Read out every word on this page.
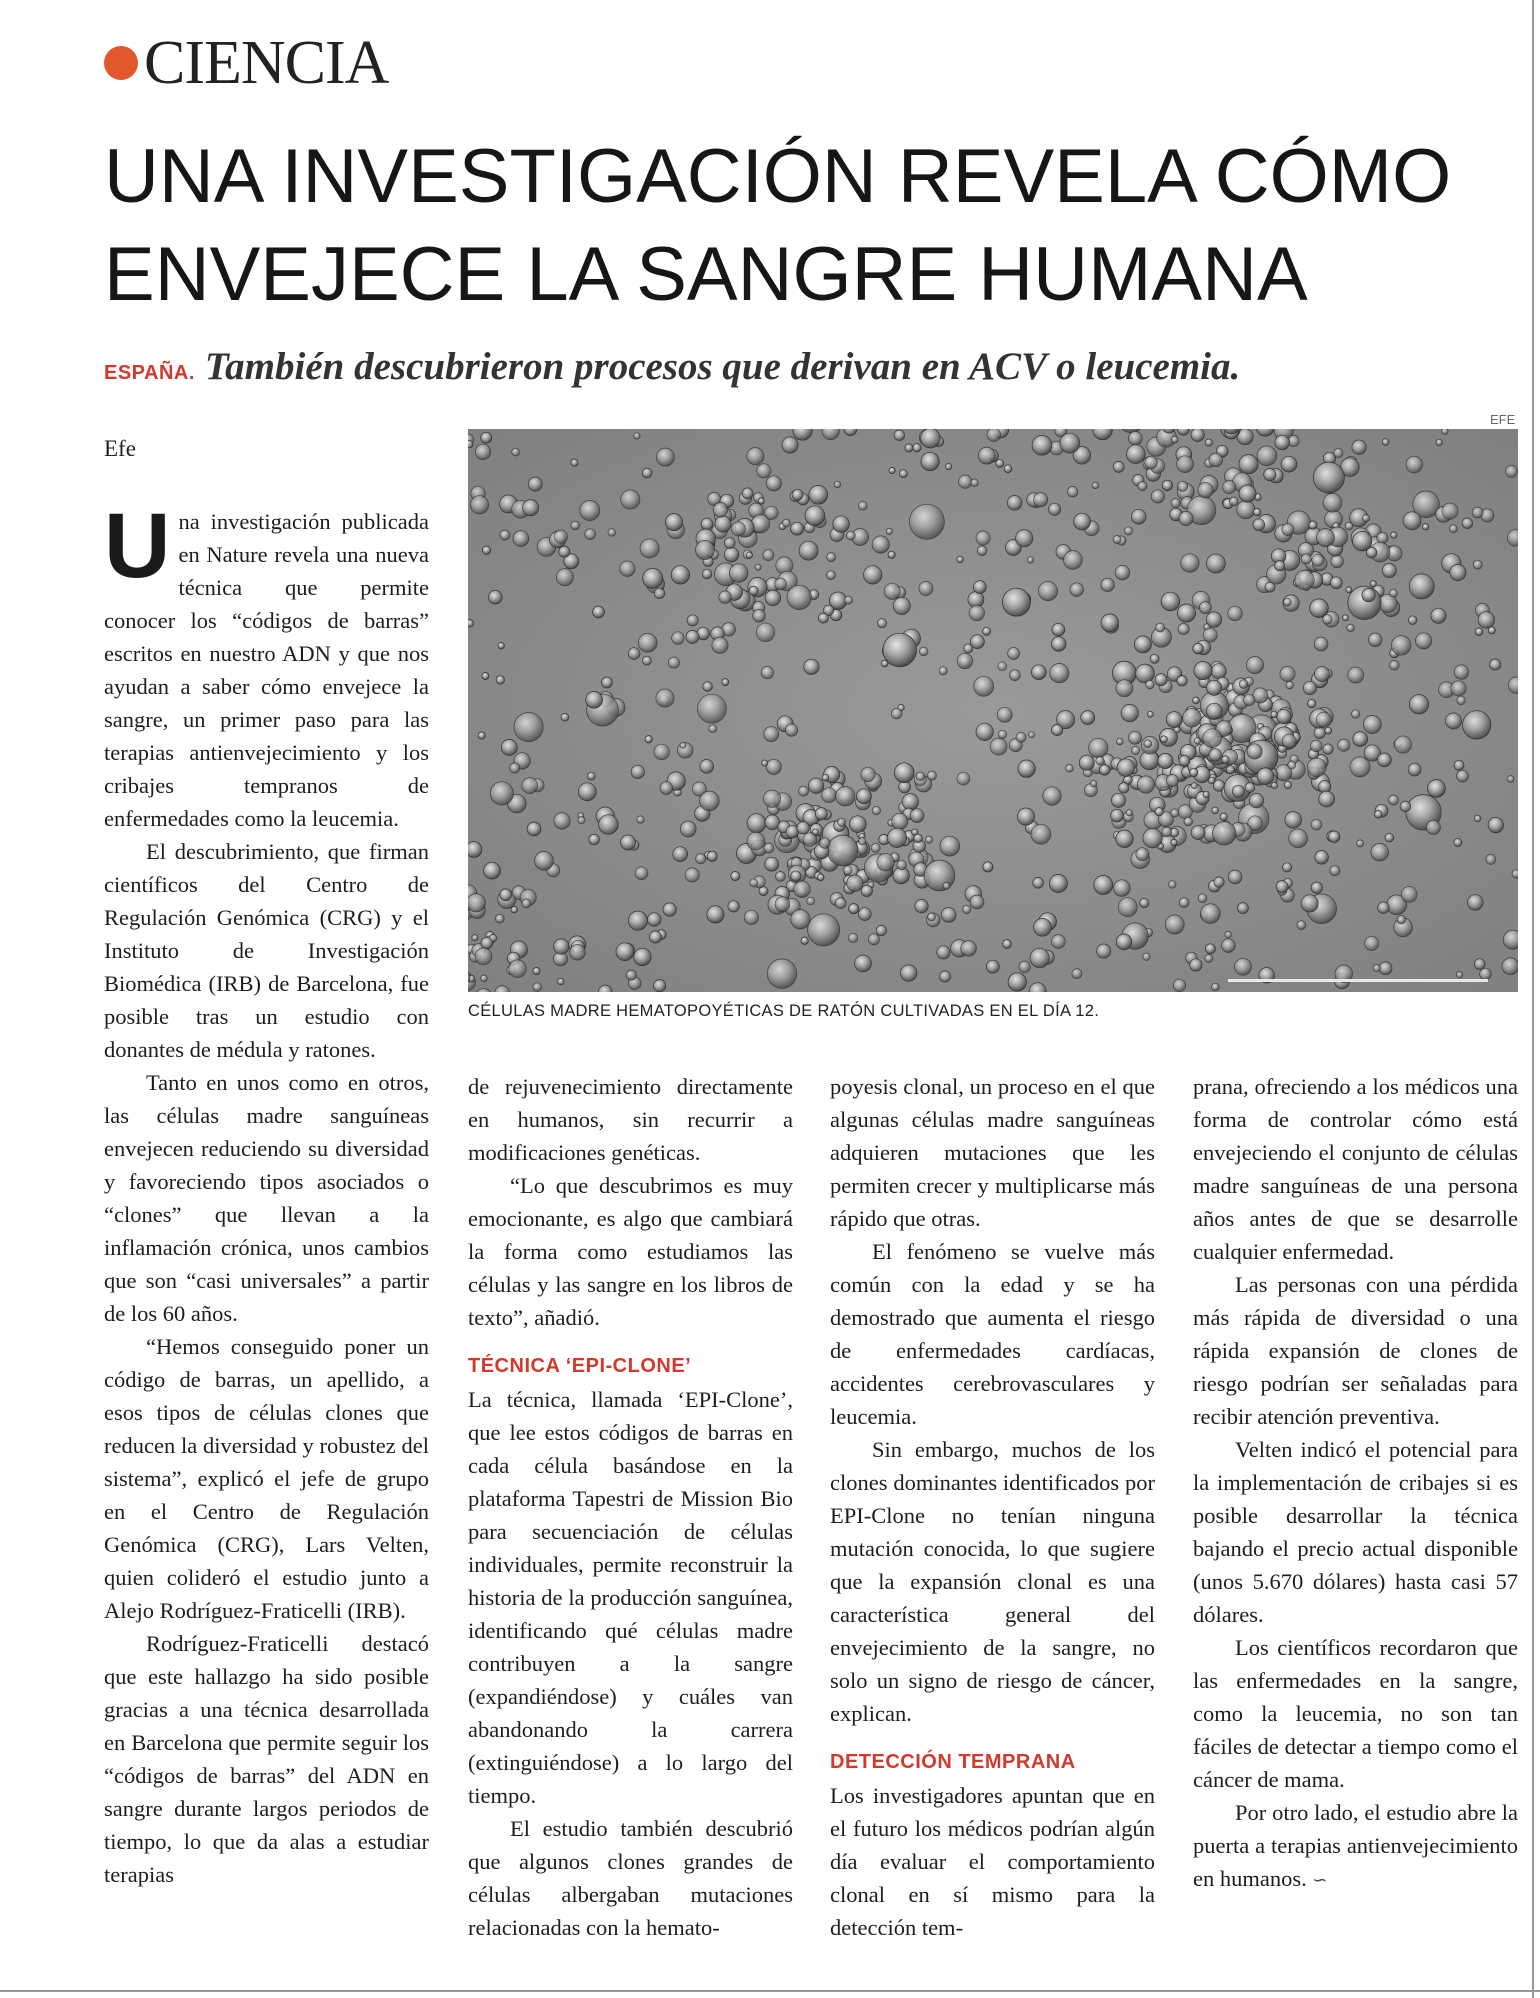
CIENCIA
UNA INVESTIGACIÓN REVELA CÓMO
ENVEJECE LA SANGRE HUMANA
ESPAÑA. También descubrieron procesos que derivan en ACV o leucemia.
EFE
CÉLULAS MADRE HEMATOPOYÉTICAS DE RATÓN CULTIVADAS EN EL DÍA 12.
Efe

Una investigación publicada en Nature revela una nueva técnica que permite conocer los “códigos de barras” escritos en nuestro ADN y que nos ayudan a saber cómo envejece la sangre, un primer paso para las terapias antienvejecimiento y los cribajes tempranos de enfermedades como la leucemia.

El descubrimiento, que firman científicos del Centro de Regulación Genómica (CRG) y el Instituto de Investigación Biomédica (IRB) de Barcelona, fue posible tras un estudio con donantes de médula y ratones.

Tanto en unos como en otros, las células madre sanguíneas envejecen reduciendo su diversidad y favoreciendo tipos asociados o “clones” que llevan a la inflamación crónica, unos cambios que son “casi universales” a partir de los 60 años.

“Hemos conseguido poner un código de barras, un apellido, a esos tipos de células clones que reducen la diversidad y robustez del sistema”, explicó el jefe de grupo en el Centro de Regulación Genómica (CRG), Lars Velten, quien colideró el estudio junto a Alejo Rodríguez-Fraticelli (IRB).

Rodríguez-Fraticelli destacó que este hallazgo ha sido posible gracias a una técnica desarrollada en Barcelona que permite seguir los “códigos de barras” del ADN en sangre durante largos periodos de tiempo, lo que da alas a estudiar terapias

de rejuvenecimiento directamente en humanos, sin recurrir a modificaciones genéticas.

“Lo que descubrimos es muy emocionante, es algo que cambiará la forma como estudiamos las células y las sangre en los libros de texto”, añadió.

TÉCNICA ‘EPI-CLONE’

La técnica, llamada ‘EPI-Clone’, que lee estos códigos de barras en cada célula basándose en la plataforma Tapestri de Mission Bio para secuenciación de células individuales, permite reconstruir la historia de la producción sanguínea, identificando qué células madre contribuyen a la sangre (expandiéndose) y cuáles van abandonando la carrera (extinguiéndose) a lo largo del tiempo.

El estudio también descubrió que algunos clones grandes de células albergaban mutaciones relacionadas con la hemato-

poyesis clonal, un proceso en el que algunas células madre sanguíneas adquieren mutaciones que les permiten crecer y multiplicarse más rápido que otras.

El fenómeno se vuelve más común con la edad y se ha demostrado que aumenta el riesgo de enfermedades cardíacas, accidentes cerebrovasculares y leucemia.

Sin embargo, muchos de los clones dominantes identificados por EPI-Clone no tenían ninguna mutación conocida, lo que sugiere que la expansión clonal es una característica general del envejecimiento de la sangre, no solo un signo de riesgo de cáncer, explican.

DETECCIÓN TEMPRANA

Los investigadores apuntan que en el futuro los médicos podrían algún día evaluar el comportamiento clonal en sí mismo para la detección tem-

prana, ofreciendo a los médicos una forma de controlar cómo está envejeciendo el conjunto de células madre sanguíneas de una persona años antes de que se desarrolle cualquier enfermedad.

Las personas con una pérdida más rápida de diversidad o una rápida expansión de clones de riesgo podrían ser señaladas para recibir atención preventiva.

Velten indicó el potencial para la implementación de cribajes si es posible desarrollar la técnica bajando el precio actual disponible (unos 5.670 dólares) hasta casi 57 dólares.

Los científicos recordaron que las enfermedades en la sangre, como la leucemia, no son tan fáciles de detectar a tiempo como el cáncer de mama.

Por otro lado, el estudio abre la puerta a terapias antienvejecimiento en humanos. ∽
